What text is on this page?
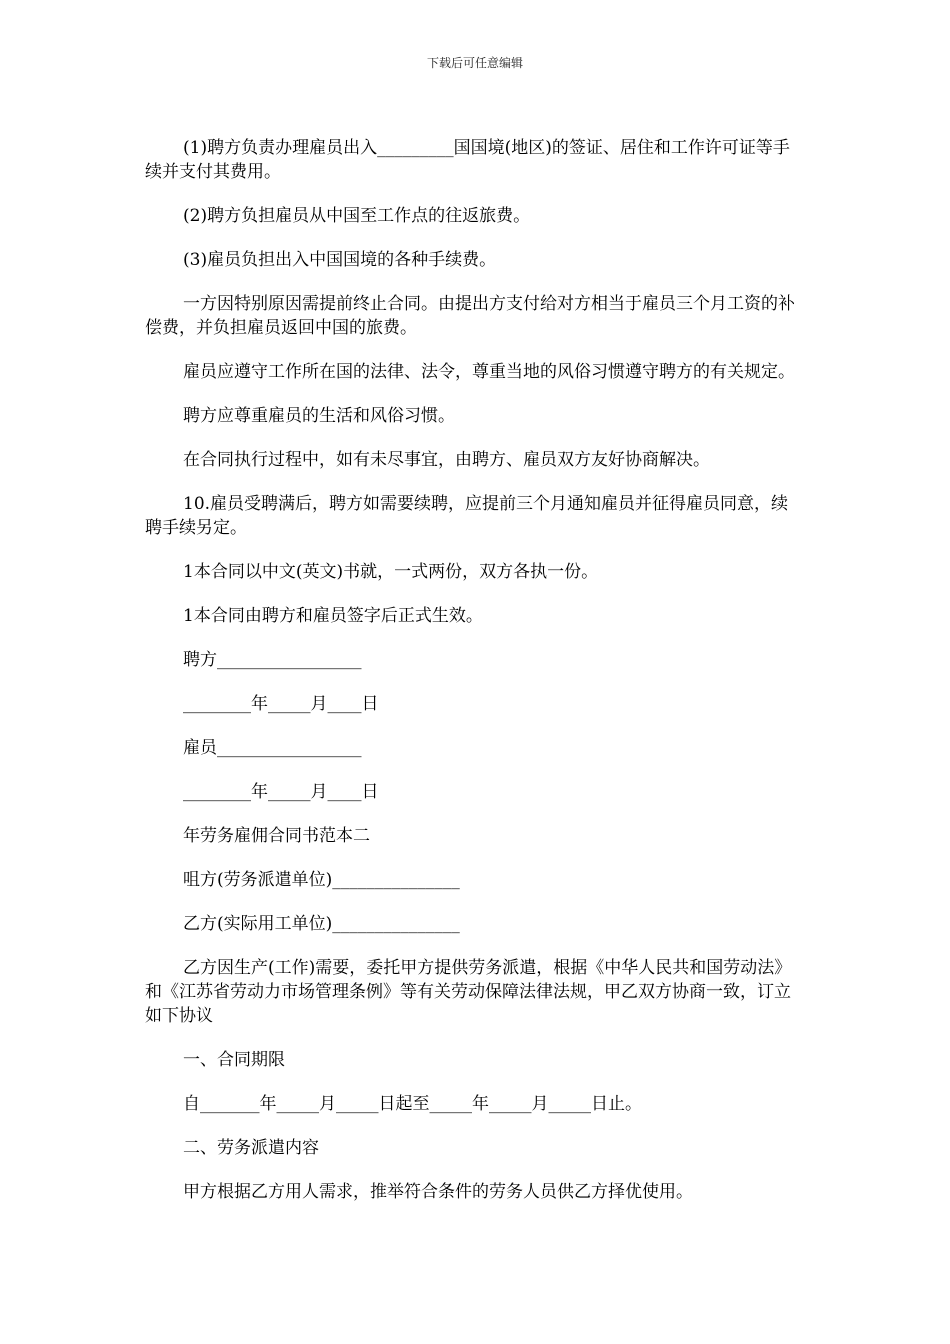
下载后可任意编辑

(1)聘方负责办理雇员出入_________国国境(地区)的签证、居住和工作许可证等手续并支付其费用。

(2)聘方负担雇员从中国至工作点的往返旅费。

(3)雇员负担出入中国国境的各种手续费。

一方因特别原因需提前终止合同。由提出方支付给对方相当于雇员三个月工资的补偿费，并负担雇员返回中国的旅费。

雇员应遵守工作所在国的法律、法令，尊重当地的风俗习惯遵守聘方的有关规定。

聘方应尊重雇员的生活和风俗习惯。

在合同执行过程中，如有未尽事宜，由聘方、雇员双方友好协商解决。

10.雇员受聘满后，聘方如需要续聘，应提前三个月通知雇员并征得雇员同意，续聘手续另定。

1本合同以中文(英文)书就，一式两份，双方各执一份。

1本合同由聘方和雇员签字后正式生效。

聘方_________________

________年_____月____日

雇员_________________

________年_____月____日

年劳务雇佣合同书范本二

咀方(劳务派遣单位)_______________

乙方(实际用工单位)_______________

乙方因生产(工作)需要，委托甲方提供劳务派遣，根据《中华人民共和国劳动法》和《江苏省劳动力市场管理条例》等有关劳动保障法律法规，甲乙双方协商一致，订立如下协议

一、合同期限

自_______年_____月_____日起至_____年_____月_____日止。

二、劳务派遣内容

甲方根据乙方用人需求，推举符合条件的劳务人员供乙方择优使用。
